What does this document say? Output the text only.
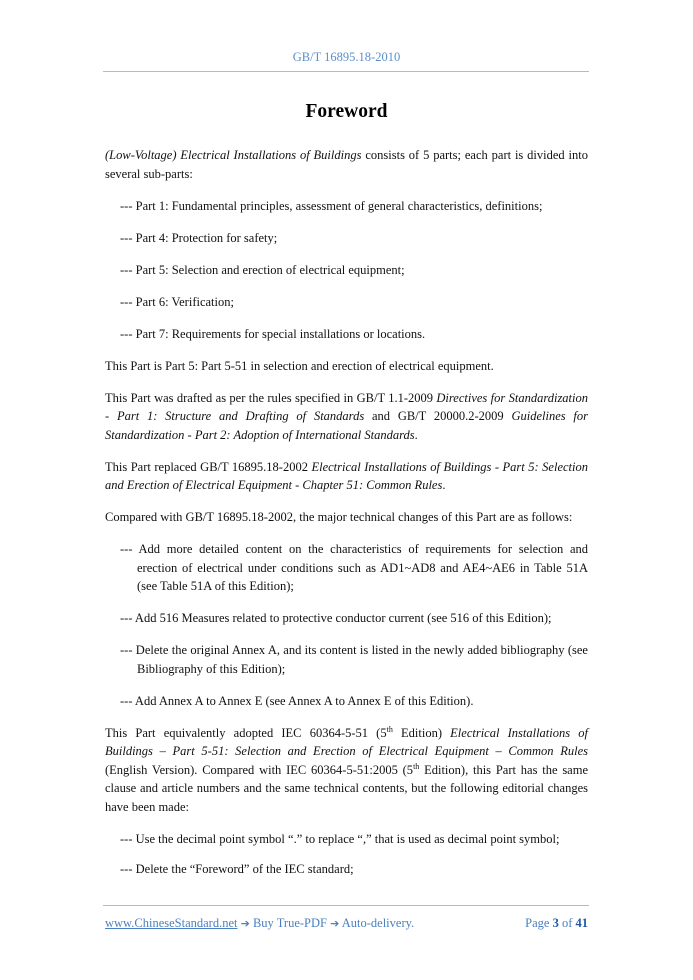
GB/T 16895.18-2010
Foreword

(Low-Voltage) Electrical Installations of Buildings consists of 5 parts; each part is divided into several sub-parts:

--- Part 1: Fundamental principles, assessment of general characteristics, definitions;

--- Part 4: Protection for safety;

--- Part 5: Selection and erection of electrical equipment;

--- Part 6: Verification;

--- Part 7: Requirements for special installations or locations.

This Part is Part 5: Part 5-51 in selection and erection of electrical equipment.

This Part was drafted as per the rules specified in GB/T 1.1-2009 Directives for Standardization - Part 1: Structure and Drafting of Standards and GB/T 20000.2-2009 Guidelines for Standardization - Part 2: Adoption of International Standards.

This Part replaced GB/T 16895.18-2002 Electrical Installations of Buildings - Part 5: Selection and Erection of Electrical Equipment - Chapter 51: Common Rules.

Compared with GB/T 16895.18-2002, the major technical changes of this Part are as follows:

--- Add more detailed content on the characteristics of requirements for selection and erection of electrical under conditions such as AD1~AD8 and AE4~AE6 in Table 51A (see Table 51A of this Edition);

--- Add 516 Measures related to protective conductor current (see 516 of this Edition);

--- Delete the original Annex A, and its content is listed in the newly added bibliography (see Bibliography of this Edition);

--- Add Annex A to Annex E (see Annex A to Annex E of this Edition).

This Part equivalently adopted IEC 60364-5-51 (5th Edition) Electrical Installations of Buildings – Part 5-51: Selection and Erection of Electrical Equipment – Common Rules (English Version). Compared with IEC 60364-5-51:2005 (5th Edition), this Part has the same clause and article numbers and the same technical contents, but the following editorial changes have been made:

--- Use the decimal point symbol “.” to replace “,” that is used as decimal point symbol;

--- Delete the “Foreword” of the IEC standard;

www.ChineseStandard.net ➔ Buy True-PDF ➔ Auto-delivery.	Page 3 of 41
